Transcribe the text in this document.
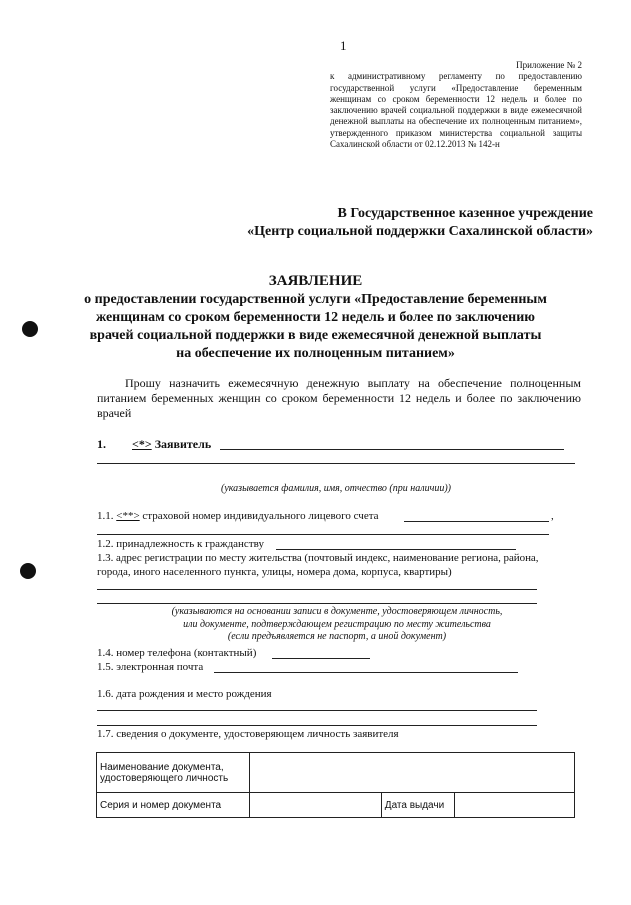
1
Приложение № 2
к административному регламенту по предоставлению государственной услуги «Предоставление беременным женщинам со сроком беременности 12 недель и более по заключению врачей социальной поддержки в виде ежемесячной денежной выплаты на обеспечение их полноценным питанием», утвержденного приказом министерства социальной защиты Сахалинской области от 02.12.2013 № 142-н
В Государственное казенное учреждение
«Центр социальной поддержки Сахалинской области»
ЗАЯВЛЕНИЕ
о предоставлении государственной услуги «Предоставление беременным
женщинам со сроком беременности 12 недель и более по заключению
врачей социальной поддержки в виде ежемесячной денежной выплаты
на обеспечение их полноценным питанием»
Прошу назначить ежемесячную денежную выплату на обеспечение полноценным питанием беременных женщин со сроком беременности 12 недель и более по заключению врачей
1. <*> Заявитель
(указывается фамилия, имя, отчество (при наличии))
1.1. <**> страховой номер индивидуального лицевого счета	,
1.2. принадлежность к гражданству
1.3. адрес регистрации по месту жительства (почтовый индекс, наименование региона, района,
города, иного населенного пункта, улицы, номера дома, корпуса, квартиры)
(указываются на основании записи в документе, удостоверяющем личность,
или документе, подтверждающем регистрацию по месту жительства
(если предъявляется не паспорт, а иной документ)
1.4. номер телефона (контактный)
1.5. электронная почта
1.6. дата рождения и место рождения
1.7. сведения о документе, удостоверяющем личность заявителя
Наименование документа,
удостоверяющего личность			

Серия и номер документа		Дата выдачи	
